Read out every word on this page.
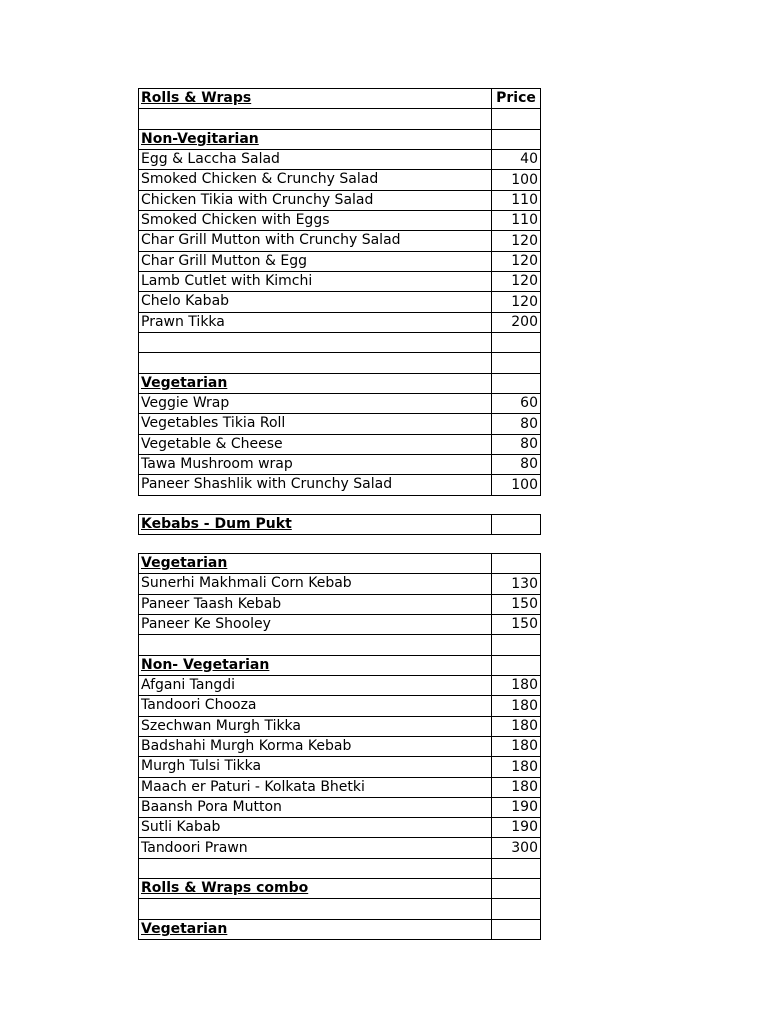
Rolls & Wraps	Price

Non-Vegitarian	
Egg & Laccha Salad	40
Smoked Chicken & Crunchy Salad	100
Chicken Tikia with Crunchy Salad	110
Smoked Chicken with Eggs	110
Char Grill Mutton with Crunchy Salad	120
Char Grill Mutton & Egg	120
Lamb Cutlet with Kimchi	120
Chelo Kabab	120
Prawn Tikka	200

Vegetarian	
Veggie Wrap	60
Vegetables Tikia Roll	80
Vegetable & Cheese	80
Tawa Mushroom wrap	80
Paneer Shashlik with Crunchy Salad	100
Kebabs - Dum Pukt	
Vegetarian	
Sunerhi Makhmali Corn Kebab	130
Paneer Taash Kebab	150
Paneer Ke Shooley	150

Non- Vegetarian	
Afgani Tangdi	180
Tandoori Chooza	180
Szechwan Murgh Tikka	180
Badshahi Murgh Korma Kebab	180
Murgh Tulsi Tikka	180
Maach er Paturi - Kolkata Bhetki	180
Baansh Pora Mutton	190
Sutli Kabab	190
Tandoori Prawn	300

Rolls & Wraps combo	

Vegetarian	
